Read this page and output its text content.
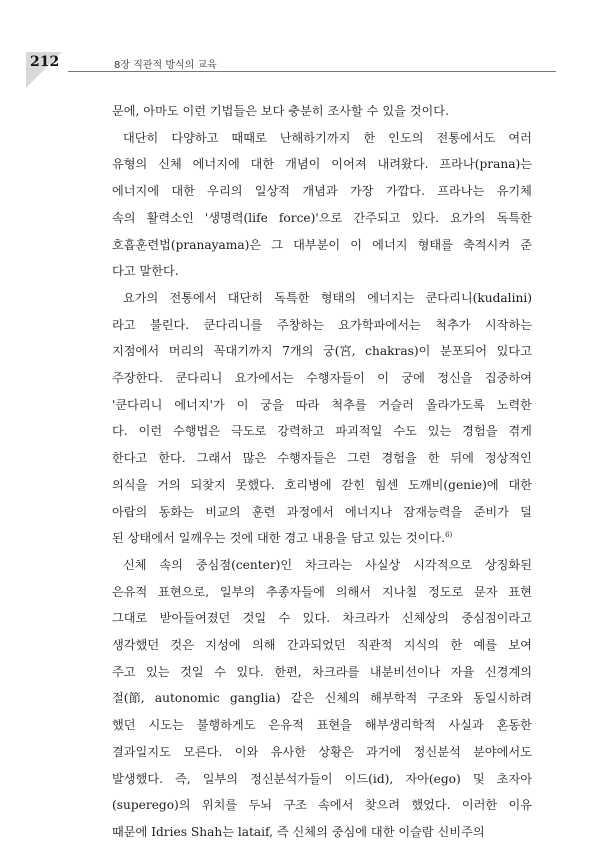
212	8장 직관적 방식의 교육
문에, 아마도 이런 기법들은 보다 충분히 조사할 수 있을 것이다.
대단히 다양하고 때때로 난해하기까지 한 인도의 전통에서도 여러
유형의 신체 에너지에 대한 개념이 이어져 내려왔다. 프라나(prana)는
에너지에 대한 우리의 일상적 개념과 가장 가깝다. 프라나는 유기체
속의 활력소인 '생명력(life force)'으로 간주되고 있다. 요가의 독특한
호흡훈련법(pranayama)은 그 대부분이 이 에너지 형태를 축적시켜 준
다고 말한다.
요가의 전통에서 대단히 독특한 형태의 에너지는 쿤다리니(kudalini)
라고 불린다. 쿤다리니를 주창하는 요가학파에서는 척추가 시작하는
지점에서 머리의 꼭대기까지 7개의 궁(宮, chakras)이 분포되어 있다고
주장한다. 쿤다리니 요가에서는 수행자들이 이 궁에 정신을 집중하여
'쿤다리니 에너지'가 이 궁을 따라 척추를 거슬러 올라가도록 노력한
다. 이런 수행법은 극도로 강력하고 파괴적일 수도 있는 경험을 겪게
한다고 한다. 그래서 많은 수행자들은 그런 경험을 한 뒤에 정상적인
의식을 거의 되찾지 못했다. 호리병에 갇힌 힘센 도깨비(genie)에 대한
아랍의 동화는 비교의 훈련 과정에서 에너지나 잠재능력을 준비가 덜
된 상태에서 일깨우는 것에 대한 경고 내용을 담고 있는 것이다.$^{6)}$
신체 속의 중심점(center)인 차크라는 사실상 시각적으로 상징화된
은유적 표현으로, 일부의 추종자들에 의해서 지나칠 정도로 문자 표현
그대로 받아들여졌던 것일 수 있다. 차크라가 신체상의 중심점이라고
생각했던 것은 지성에 의해 간과되었던 직관적 지식의 한 예를 보여
주고 있는 것일 수 있다. 한편, 차크라를 내분비선이나 자율 신경계의
절(節, autonomic ganglia) 같은 신체의 해부학적 구조와 동일시하려
했던 시도는 불행하게도 은유적 표현을 해부생리학적 사실과 혼동한
결과일지도 모른다. 이와 유사한 상황은 과거에 정신분석 분야에서도
발생했다. 즉, 일부의 정신분석가들이 이드(id), 자아(ego) 및 초자아
(superego)의 위치를 두뇌 구조 속에서 찾으려 했었다. 이러한 이유
때문에 Idries Shah는 lataif, 즉 신체의 중심에 대한 이슬람 신비주의
